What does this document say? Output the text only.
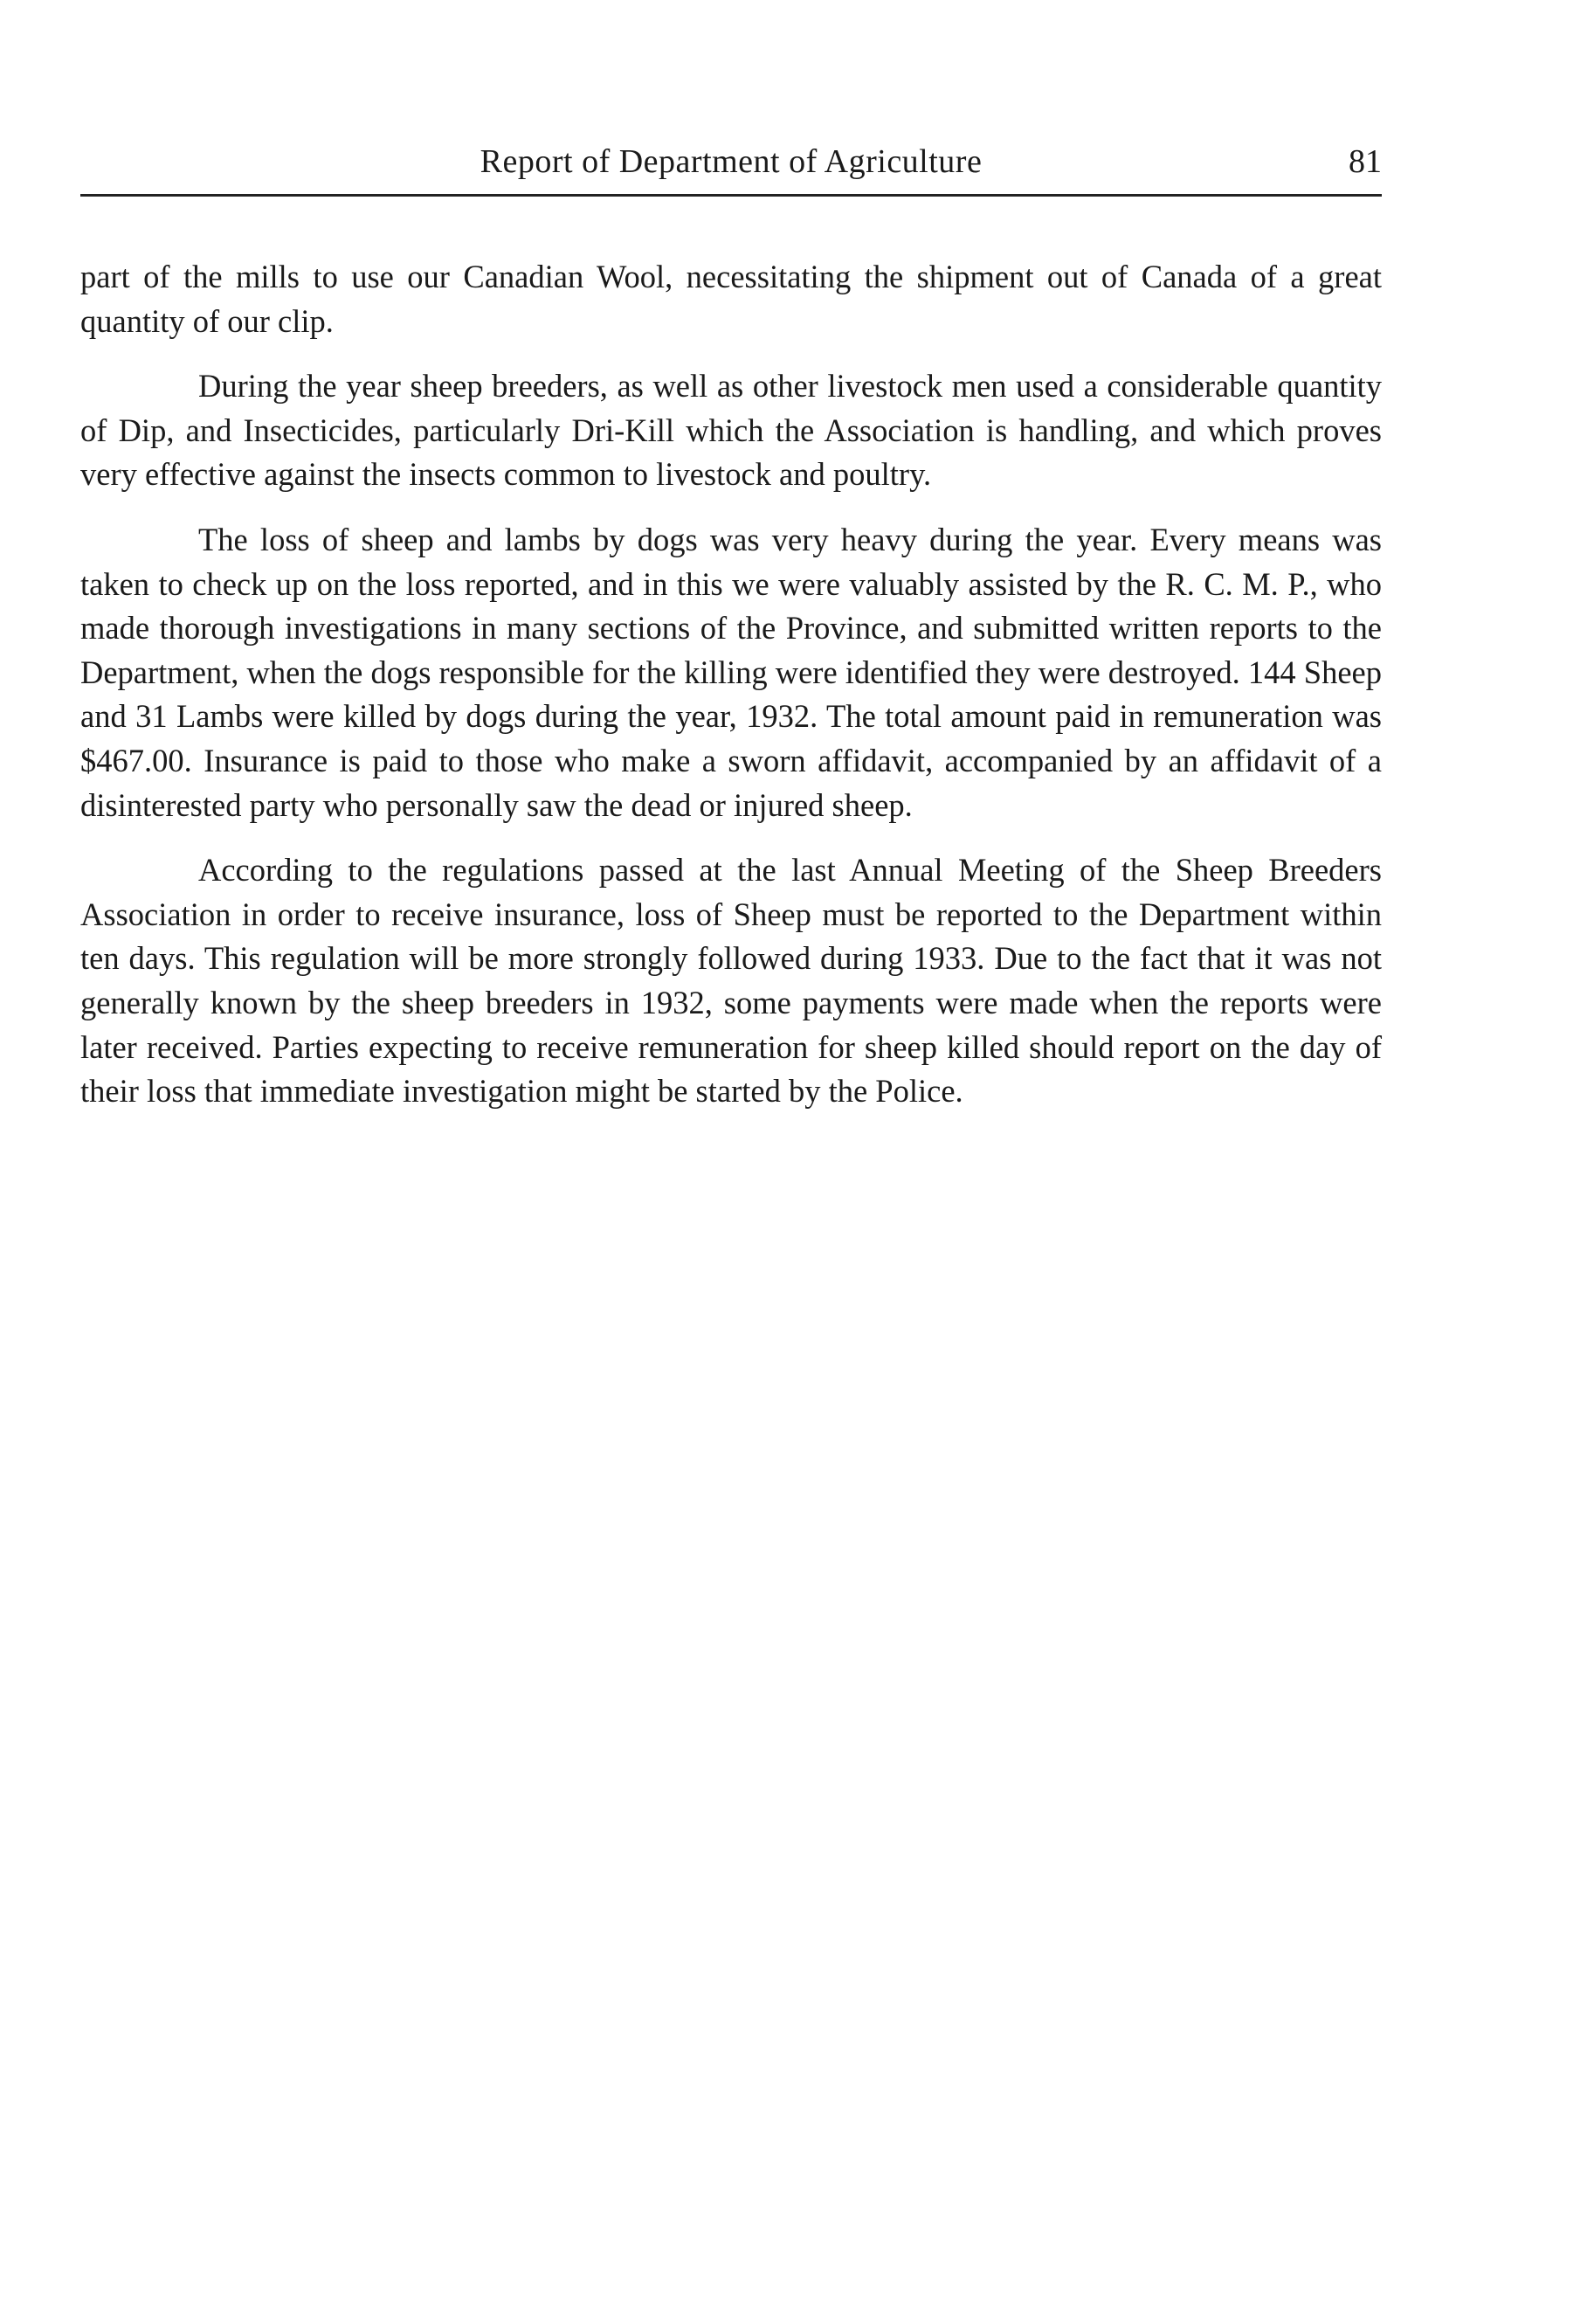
Report of Department of Agriculture	81

part of the mills to use our Canadian Wool, necessitating the shipment out of Canada of a great quantity of our clip.

During the year sheep breeders, as well as other livestock men used a considerable quantity of Dip, and Insecticides, particularly Dri-Kill which the Association is handling, and which proves very effective against the insects common to livestock and poultry.

The loss of sheep and lambs by dogs was very heavy during the year. Every means was taken to check up on the loss reported, and in this we were valuably assisted by the R. C. M. P., who made thorough investigations in many sections of the Province, and submitted written reports to the Department, when the dogs responsible for the killing were identified they were destroyed. 144 Sheep and 31 Lambs were killed by dogs during the year, 1932. The total amount paid in remuneration was $467.00. Insurance is paid to those who make a sworn affidavit, accompanied by an affidavit of a disinterested party who personally saw the dead or injured sheep.

According to the regulations passed at the last Annual Meeting of the Sheep Breeders Association in order to receive insurance, loss of Sheep must be reported to the Department within ten days. This regulation will be more strongly followed during 1933. Due to the fact that it was not generally known by the sheep breeders in 1932, some payments were made when the reports were later received. Parties expecting to receive remuneration for sheep killed should report on the day of their loss that immediate investigation might be started by the Police.
